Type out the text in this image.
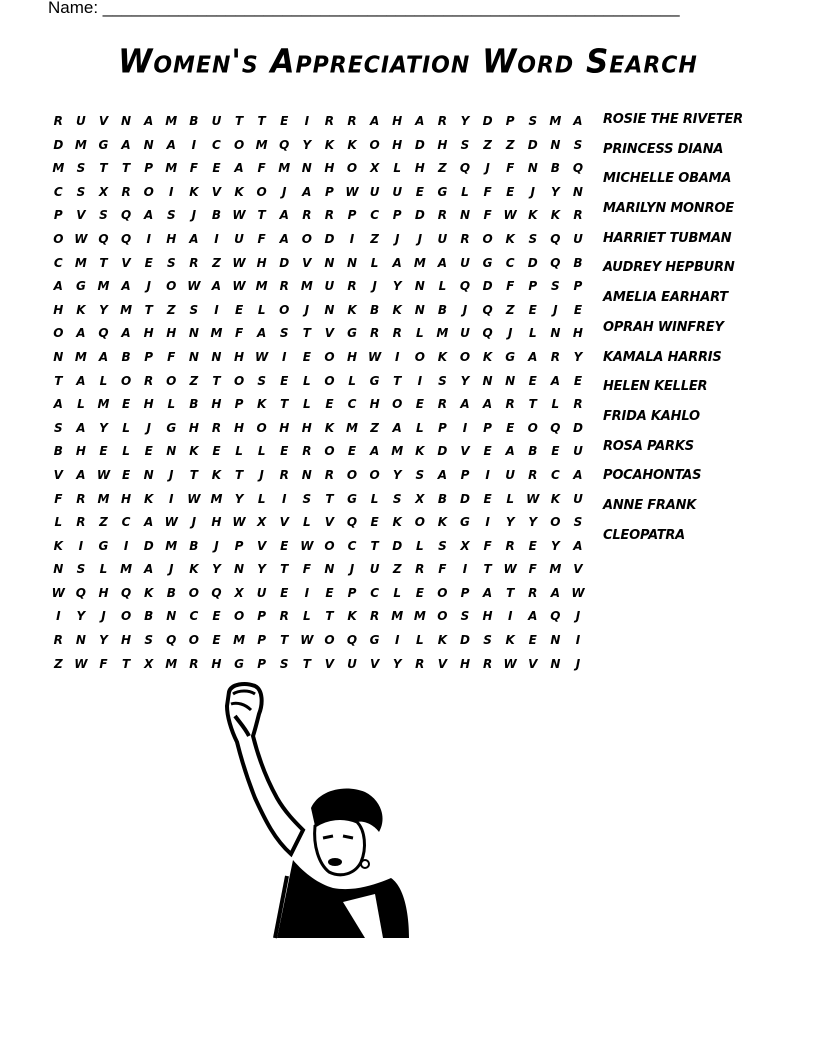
Name: _____________________________________________________________
Women's Appreciation Word Search
R	U	V	N	A M	B	U	T	T	E	I	R	R	A	H	A	R	Y	D	P	S	M A
D M G	A	N	A	I	C	O M Q	Y	K	K	O	H	D	H	S	Z	Z	D	N	S
M	S	T	T	P	M	F	E	A	F	M N	H	O	X	L	H	Z	Q	J	F	N	B	Q
C	S	X	R	O	I	K	V	K	O	J	A	P W U	U	E	G	L	F	E	J	Y	N
P	V	S	Q	A	S	J	B W T	A	R	R	P	C	P	D	R	N	F W K	K	R
O W Q	Q	I	H	A	I	U	F	A	O	D	I	Z	J	J	U	R	O	K	S	Q	U
C	M	T	V	E	S	R	Z W H	D	V	N	N	L	A M A	U	G	C	D	Q	B
A	G M A	J	O W A W M	R M U	R	J	Y	N	L	Q	D	F	P	S	P
H	K	Y	M	T	Z	S	I	E	L	O	J	N	K	B	K	N	B	J	Q	Z	E	J	E
O	A	Q	A	H	H	N M	F	A	S	T	V	G	R	R	L	M U	Q	J	L	N	H
N M A	B	P	F	N	N	H W	I	E	O	H W	I	O	K	O	K	G	A	R	Y
T	A	L	O	R	O	Z	T	O	S	E	L	O	L	G	T	I	S	Y	N	N	E	A	E
A	L	M	E	H	L	B	H	P	K	T	L	E	C	H	O	E	R	A	A	R	T	L	R
S	A	Y	L	J	G	H	R	H	O	H	H	K M	Z	A	L	P	I	P	E	O	Q	D
B	H	E	L	E	N	K	E	L	L	E	R	O	E	A M K	D	V	E	A	B	E	U
V	A W E	N	J	T	K	T	J	R	N	R	O	O	Y	S	A	P	I	U	R	C	A
F	R M H	K	I	W M	Y	L	I	S	T	G	L	S	X	B	D	E	L	W K	U
L	R	Z	C	A W	J	H W X	V	L	V	Q	E	K	O	K	G	I	Y	Y	O	S
K	I	G	I	D M	B	J	P	V	E W O	C	T	D	L	S	X	F	R	E	Y	A
N	S	L	M A	J	K	Y	N	Y	T	F	N	J	U	Z	R	F	I	T W F	M V
W Q	H	Q	K	B	O	Q	X	U	E	I	E	P	C	L	E	O	P	A	T	R	A W
I	Y	J	O	B	N	C	E	O	P	R	L	T	K	R M M O	S	H	I	A	Q	J
R	N	Y	H	S	Q	O	E	M	P	T W O	Q	G	I	L	K	D	S	K	E	N	I
Z W F	T	X M	R	H	G	P	S	T	V	U	V	Y	R	V	H	R W V	N	J
ROSIE THE RIVETER
PRINCESS DIANA
MICHELLE OBAMA
MARILYN MONROE
HARRIET TUBMAN
AUDREY HEPBURN
AMELIA EARHART
OPRAH WINFREY
KAMALA HARRIS
HELEN KELLER
FRIDA KAHLO
ROSA PARKS
POCAHONTAS
ANNE FRANK
CLEOPATRA
